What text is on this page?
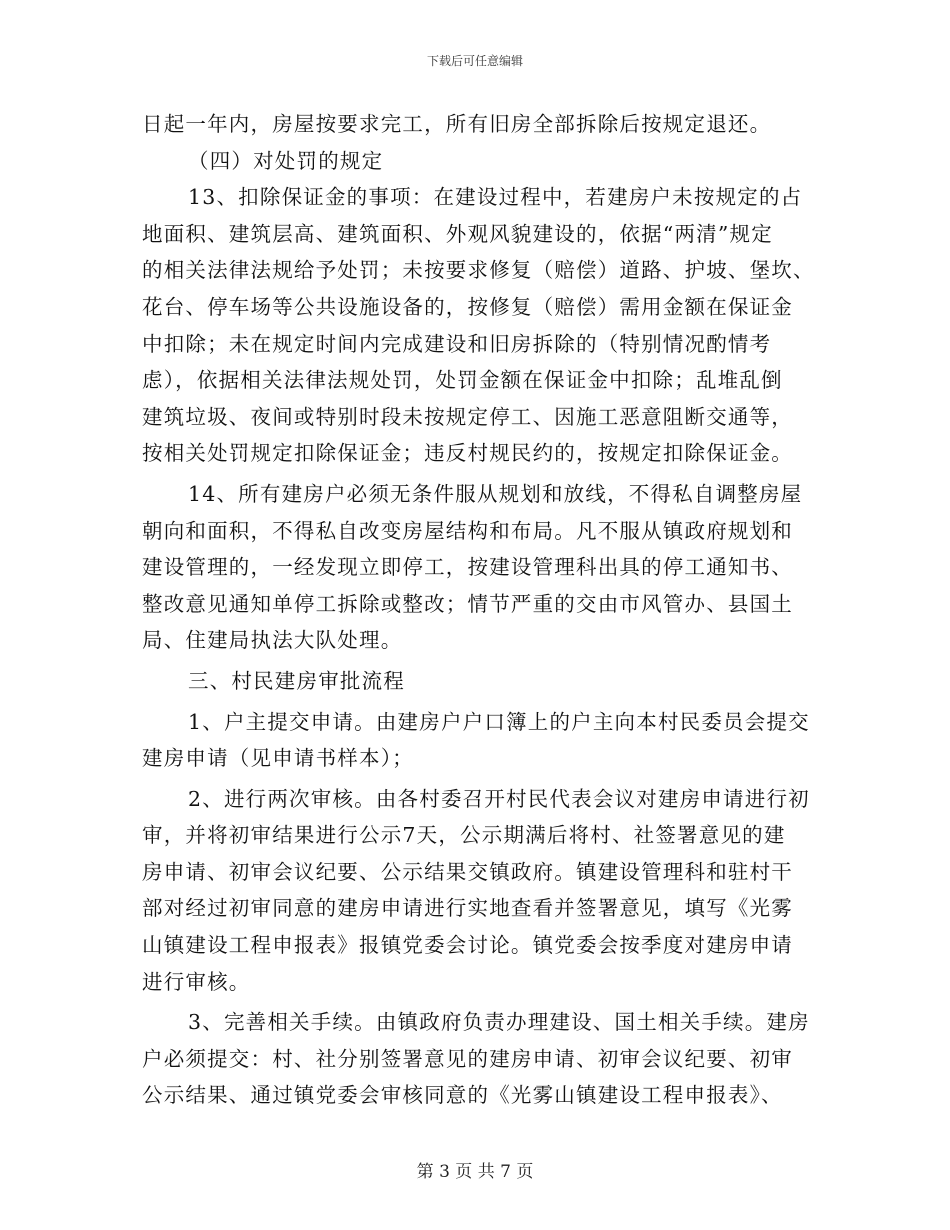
下载后可任意编辑
日起一年内，房屋按要求完工，所有旧房全部拆除后按规定退还。
（四）对处罚的规定
13、扣除保证金的事项：在建设过程中，若建房户未按规定的占
地面积、建筑层高、建筑面积、外观风貌建设的，依据“两清”规定
的相关法律法规给予处罚；未按要求修复（赔偿）道路、护坡、堡坎、
花台、停车场等公共设施设备的，按修复（赔偿）需用金额在保证金
中扣除；未在规定时间内完成建设和旧房拆除的（特别情况酌情考
虑），依据相关法律法规处罚，处罚金额在保证金中扣除；乱堆乱倒
建筑垃圾、夜间或特别时段未按规定停工、因施工恶意阻断交通等，
按相关处罚规定扣除保证金；违反村规民约的，按规定扣除保证金。
14、所有建房户必须无条件服从规划和放线，不得私自调整房屋
朝向和面积，不得私自改变房屋结构和布局。凡不服从镇政府规划和
建设管理的，一经发现立即停工，按建设管理科出具的停工通知书、
整改意见通知单停工拆除或整改；情节严重的交由市风管办、县国土
局、住建局执法大队处理。
三、村民建房审批流程
1、户主提交申请。由建房户户口簿上的户主向本村民委员会提交
建房申请（见申请书样本）；
2、进行两次审核。由各村委召开村民代表会议对建房申请进行初
审，并将初审结果进行公示7天，公示期满后将村、社签署意见的建
房申请、初审会议纪要、公示结果交镇政府。镇建设管理科和驻村干
部对经过初审同意的建房申请进行实地查看并签署意见，填写《光雾
山镇建设工程申报表》报镇党委会讨论。镇党委会按季度对建房申请
进行审核。
3、完善相关手续。由镇政府负责办理建设、国土相关手续。建房
户必须提交：村、社分别签署意见的建房申请、初审会议纪要、初审
公示结果、通过镇党委会审核同意的《光雾山镇建设工程申报表》、
第 3 页 共 7 页
